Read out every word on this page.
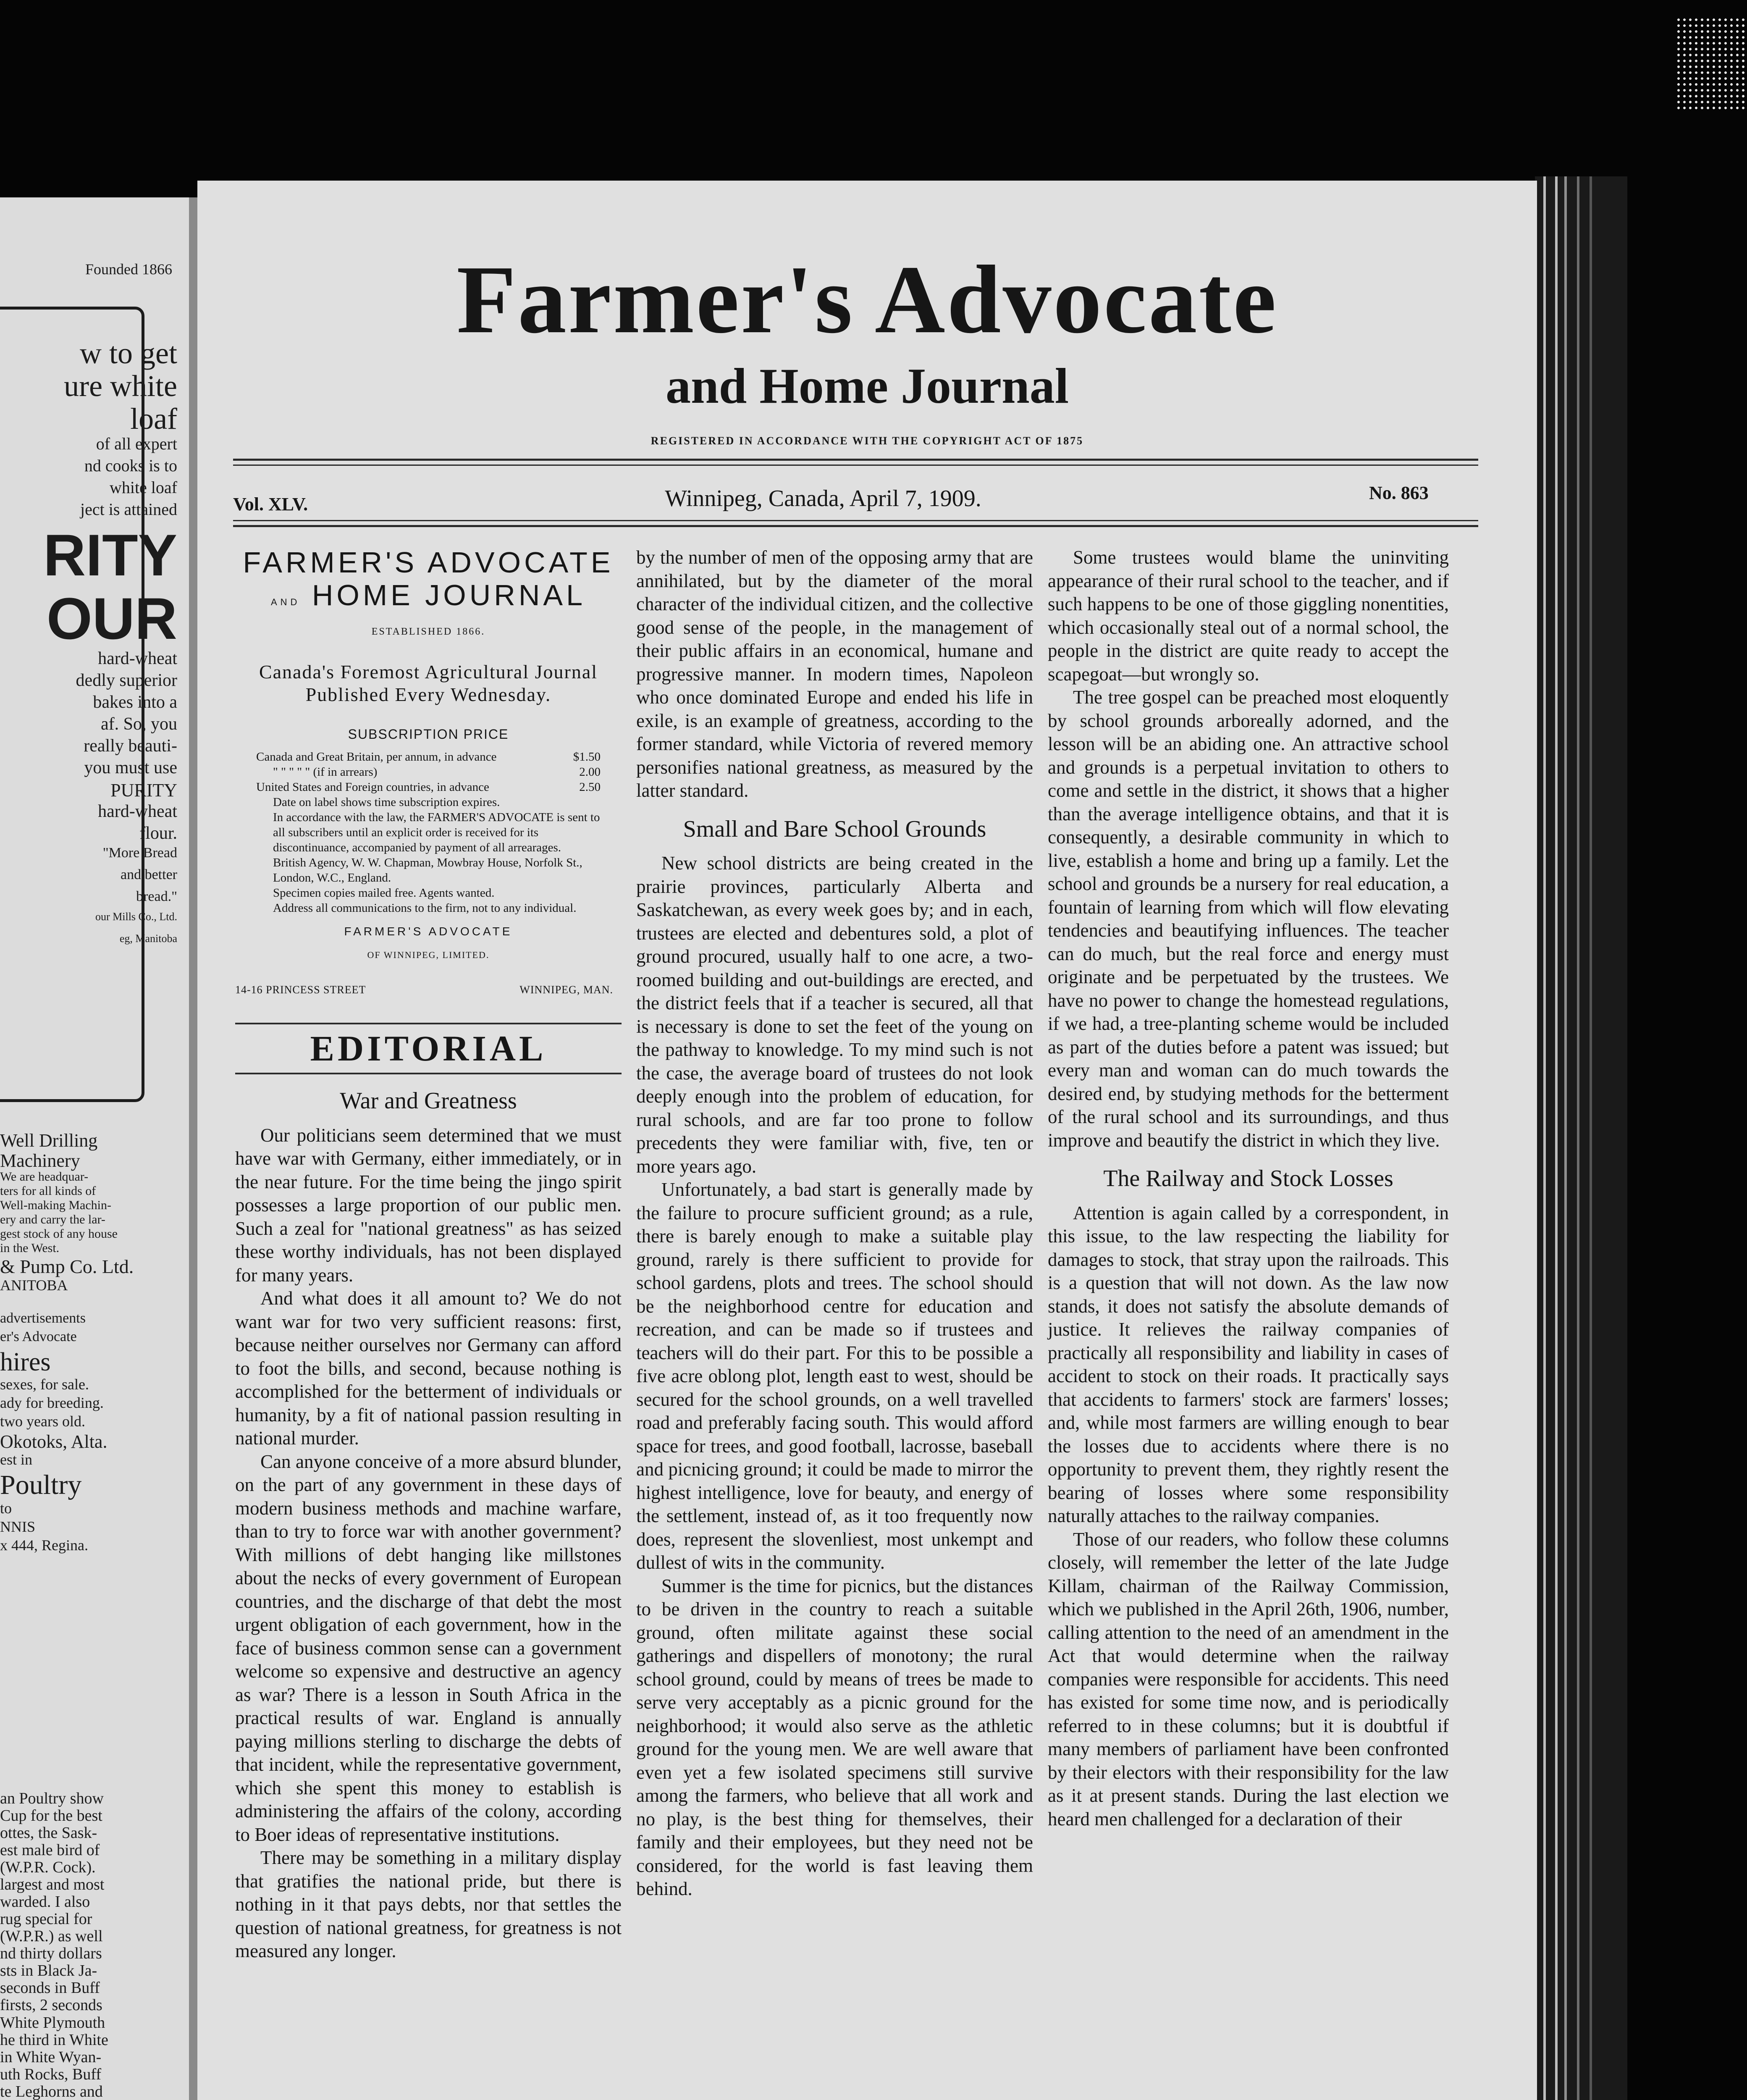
Founded 1866
w to get
ure white
loaf
of all expert
nd cooks is to
white loaf
ject is attained
RITY
OUR
hard-wheat
dedly superior
bakes into a
af. So, you
really beauti-
you must use
PURITY
hard-wheat
flour.
"More Bread
and better
bread."
our Mills Co., Ltd.
eg, Manitoba
Well Drilling
Machinery
We are headquar-
ters for all kinds of
Well-making Machin-
ery and carry the lar-
gest stock of any house
in the West.
& Pump Co. Ltd.
ANITOBA
advertisements
er's Advocate
hires
sexes, for sale.
ady for breeding.
two years old.
Okotoks, Alta.
est in
Poultry
to
NNIS
x 444, Regina.
an Poultry show
Cup for the best
ottes, the Sask-
est male bird of
(W.P.R. Cock).
largest and most
warded. I also
rug special for
(W.P.R.) as well
nd thirty dollars
sts in Black Ja-
seconds in Buff
firsts, 2 seconds
White Plymouth
he third in White
in White Wyan-
uth Rocks, Buff
te Leghorns and
Farmer's Advocate
and Home Journal
REGISTERED IN ACCORDANCE WITH THE COPYRIGHT ACT OF 1875
Vol. XLV.	Winnipeg, Canada, April 7, 1909.	No. 863
FARMER'S ADVOCATE
AND HOME JOURNAL
ESTABLISHED 1866.
Canada's Foremost Agricultural Journal
Published Every Wednesday.
SUBSCRIPTION PRICE
Canada and Great Britain, per annum, in advance	$1.50
" " " " " (if in arrears)	2.00
United States and Foreign countries, in advance	2.50
Date on label shows time subscription expires.
In accordance with the law, the FARMER'S ADVOCATE is sent to all subscribers until an explicit order is received for its discontinuance, accompanied by payment of all arrearages.
British Agency, W. W. Chapman, Mowbray House, Norfolk St., London, W.C., England.
Specimen copies mailed free. Agents wanted.
Address all communications to the firm, not to any individual.
FARMER'S ADVOCATE
OF WINNIPEG, LIMITED.
14-16 PRINCESS STREET	WINNIPEG, MAN.
EDITORIAL
War and Greatness

Our politicians seem determined that we must have war with Germany, either immediately, or in the near future. For the time being the jingo spirit possesses a large proportion of our public men. Such a zeal for "national greatness" as has seized these worthy individuals, has not been displayed for many years.

And what does it all amount to? We do not want war for two very sufficient reasons: first, because neither ourselves nor Germany can afford to foot the bills, and second, because nothing is accomplished for the betterment of individuals or humanity, by a fit of national passion resulting in national murder.

Can anyone conceive of a more absurd blunder, on the part of any government in these days of modern business methods and machine warfare, than to try to force war with another government? With millions of debt hanging like millstones about the necks of every government of European countries, and the discharge of that debt the most urgent obligation of each government, how in the face of business common sense can a government welcome so expensive and destructive an agency as war? There is a lesson in South Africa in the practical results of war. England is annually paying millions sterling to discharge the debts of that incident, while the representative government, which she spent this money to establish is administering the affairs of the colony, according to Boer ideas of representative institutions.

There may be something in a military display that gratifies the national pride, but there is nothing in it that pays debts, nor that settles the question of national greatness, for greatness is not measured any longer.

by the number of men of the opposing army that are annihilated, but by the diameter of the moral character of the individual citizen, and the collective good sense of the people, in the management of their public affairs in an economical, humane and progressive manner. In modern times, Napoleon who once dominated Europe and ended his life in exile, is an example of greatness, according to the former standard, while Victoria of revered memory personifies national greatness, as measured by the latter standard.

Small and Bare School Grounds

New school districts are being created in the prairie provinces, particularly Alberta and Saskatchewan, as every week goes by; and in each, trustees are elected and debentures sold, a plot of ground procured, usually half to one acre, a two-roomed building and out-buildings are erected, and the district feels that if a teacher is secured, all that is necessary is done to set the feet of the young on the pathway to knowledge. To my mind such is not the case, the average board of trustees do not look deeply enough into the problem of education, for rural schools, and are far too prone to follow precedents they were familiar with, five, ten or more years ago.

Unfortunately, a bad start is generally made by the failure to procure sufficient ground; as a rule, there is barely enough to make a suitable play ground, rarely is there sufficient to provide for school gardens, plots and trees. The school should be the neighborhood centre for education and recreation, and can be made so if trustees and teachers will do their part. For this to be possible a five acre oblong plot, length east to west, should be secured for the school grounds, on a well travelled road and preferably facing south. This would afford space for trees, and good football, lacrosse, baseball and picnicing ground; it could be made to mirror the highest intelligence, love for beauty, and energy of the settlement, instead of, as it too frequently now does, represent the slovenliest, most unkempt and dullest of wits in the community.

Summer is the time for picnics, but the distances to be driven in the country to reach a suitable ground, often militate against these social gatherings and dispellers of monotony; the rural school ground, could by means of trees be made to serve very acceptably as a picnic ground for the neighborhood; it would also serve as the athletic ground for the young men. We are well aware that even yet a few isolated specimens still survive among the farmers, who believe that all work and no play, is the best thing for themselves, their family and their employees, but they need not be considered, for the world is fast leaving them behind.

Some trustees would blame the uninviting appearance of their rural school to the teacher, and if such happens to be one of those giggling nonentities, which occasionally steal out of a normal school, the people in the district are quite ready to accept the scapegoat—but wrongly so.

The tree gospel can be preached most eloquently by school grounds arboreally adorned, and the lesson will be an abiding one. An attractive school and grounds is a perpetual invitation to others to come and settle in the district, it shows that a higher than the average intelligence obtains, and that it is consequently, a desirable community in which to live, establish a home and bring up a family. Let the school and grounds be a nursery for real education, a fountain of learning from which will flow elevating tendencies and beautifying influences. The teacher can do much, but the real force and energy must originate and be perpetuated by the trustees. We have no power to change the homestead regulations, if we had, a tree-planting scheme would be included as part of the duties before a patent was issued; but every man and woman can do much towards the desired end, by studying methods for the betterment of the rural school and its surroundings, and thus improve and beautify the district in which they live.

The Railway and Stock Losses

Attention is again called by a correspondent, in this issue, to the law respecting the liability for damages to stock, that stray upon the railroads. This is a question that will not down. As the law now stands, it does not satisfy the absolute demands of justice. It relieves the railway companies of practically all responsibility and liability in cases of accident to stock on their roads. It practically says that accidents to farmers' stock are farmers' losses; and, while most farmers are willing enough to bear the losses due to accidents where there is no opportunity to prevent them, they rightly resent the bearing of losses where some responsibility naturally attaches to the railway companies.

Those of our readers, who follow these columns closely, will remember the letter of the late Judge Killam, chairman of the Railway Commission, which we published in the April 26th, 1906, number, calling attention to the need of an amendment in the Act that would determine when the railway companies were responsible for accidents. This need has existed for some time now, and is periodically referred to in these columns; but it is doubtful if many members of parliament have been confronted by their electors with their responsibility for the law as it at present stands. During the last election we heard men challenged for a declaration of their
